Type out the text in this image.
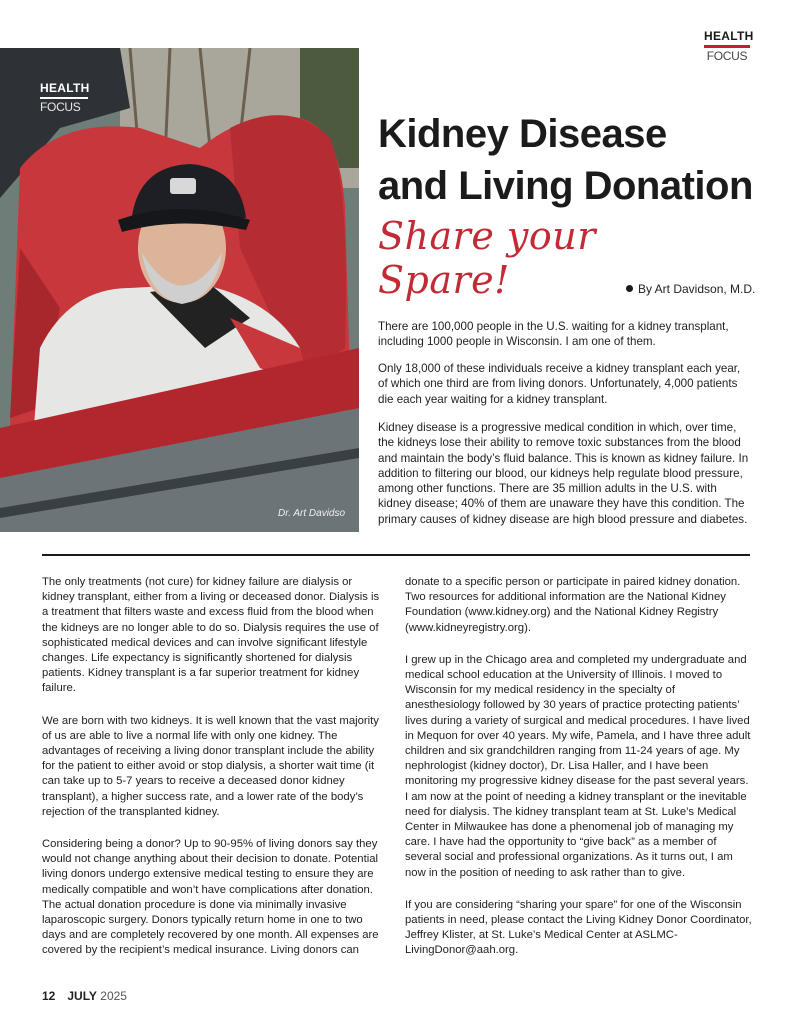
HEALTH
FOCUS
HEALTH
FOCUS
Dr. Art Davidso
Kidney Disease
and Living Donation
Share your Spare!	By Art Davidson, M.D.

There are 100,000 people in the U.S. waiting for a kidney transplant, including 1000 people in Wisconsin. I am one of them.

Only 18,000 of these individuals receive a kidney transplant each year, of which one third are from living donors. Unfortunately, 4,000 patients die each year waiting for a kidney transplant.

Kidney disease is a progressive medical condition in which, over time, the kidneys lose their ability to remove toxic substances from the blood and maintain the body’s fluid balance. This is known as kidney failure. In addition to filtering our blood, our kidneys help regulate blood pressure, among other functions. There are 35 million adults in the U.S. with kidney disease; 40% of them are unaware they have this condition. The primary causes of kidney disease are high blood pressure and diabetes.

The only treatments (not cure) for kidney failure are dialysis or kidney transplant, either from a living or deceased donor. Dialysis is a treatment that filters waste and excess fluid from the blood when the kidneys are no longer able to do so. Dialysis requires the use of sophisticated medical devices and can involve significant lifestyle changes. Life expectancy is significantly shortened for dialysis patients. Kidney transplant is a far superior treatment for kidney failure.

We are born with two kidneys. It is well known that the vast majority of us are able to live a normal life with only one kidney. The advantages of receiving a living donor transplant include the ability for the patient to either avoid or stop dialysis, a shorter wait time (it can take up to 5-7 years to receive a deceased donor kidney transplant), a higher success rate, and a lower rate of the body’s rejection of the transplanted kidney.

Considering being a donor? Up to 90-95% of living donors say they would not change anything about their decision to donate. Potential living donors undergo extensive medical testing to ensure they are medically compatible and won’t have complications after donation. The actual donation procedure is done via minimally invasive laparoscopic surgery. Donors typically return home in one to two days and are completely recovered by one month. All expenses are covered by the recipient’s medical insurance. Living donors can

donate to a specific person or participate in paired kidney donation. Two resources for additional information are the National Kidney Foundation (www.kidney.org) and the National Kidney Registry (www.kidneyregistry.org).

I grew up in the Chicago area and completed my undergraduate and medical school education at the University of Illinois. I moved to Wisconsin for my medical residency in the specialty of anesthesiology followed by 30 years of practice protecting patients’ lives during a variety of surgical and medical procedures. I have lived in Mequon for over 40 years. My wife, Pamela, and I have three adult children and six grandchildren ranging from 11-24 years of age. My nephrologist (kidney doctor), Dr. Lisa Haller, and I have been monitoring my progressive kidney disease for the past several years. I am now at the point of needing a kidney transplant or the inevitable need for dialysis. The kidney transplant team at St. Luke’s Medical Center in Milwaukee has done a phenomenal job of managing my care. I have had the opportunity to “give back” as a member of several social and professional organizations. As it turns out, I am now in the position of needing to ask rather than to give.

If you are considering “sharing your spare” for one of the Wisconsin patients in need, please contact the Living Kidney Donor Coordinator, Jeffrey Klister, at St. Luke’s Medical Center at ASLMC-LivingDonor@aah.org.

12 JULY 2025
